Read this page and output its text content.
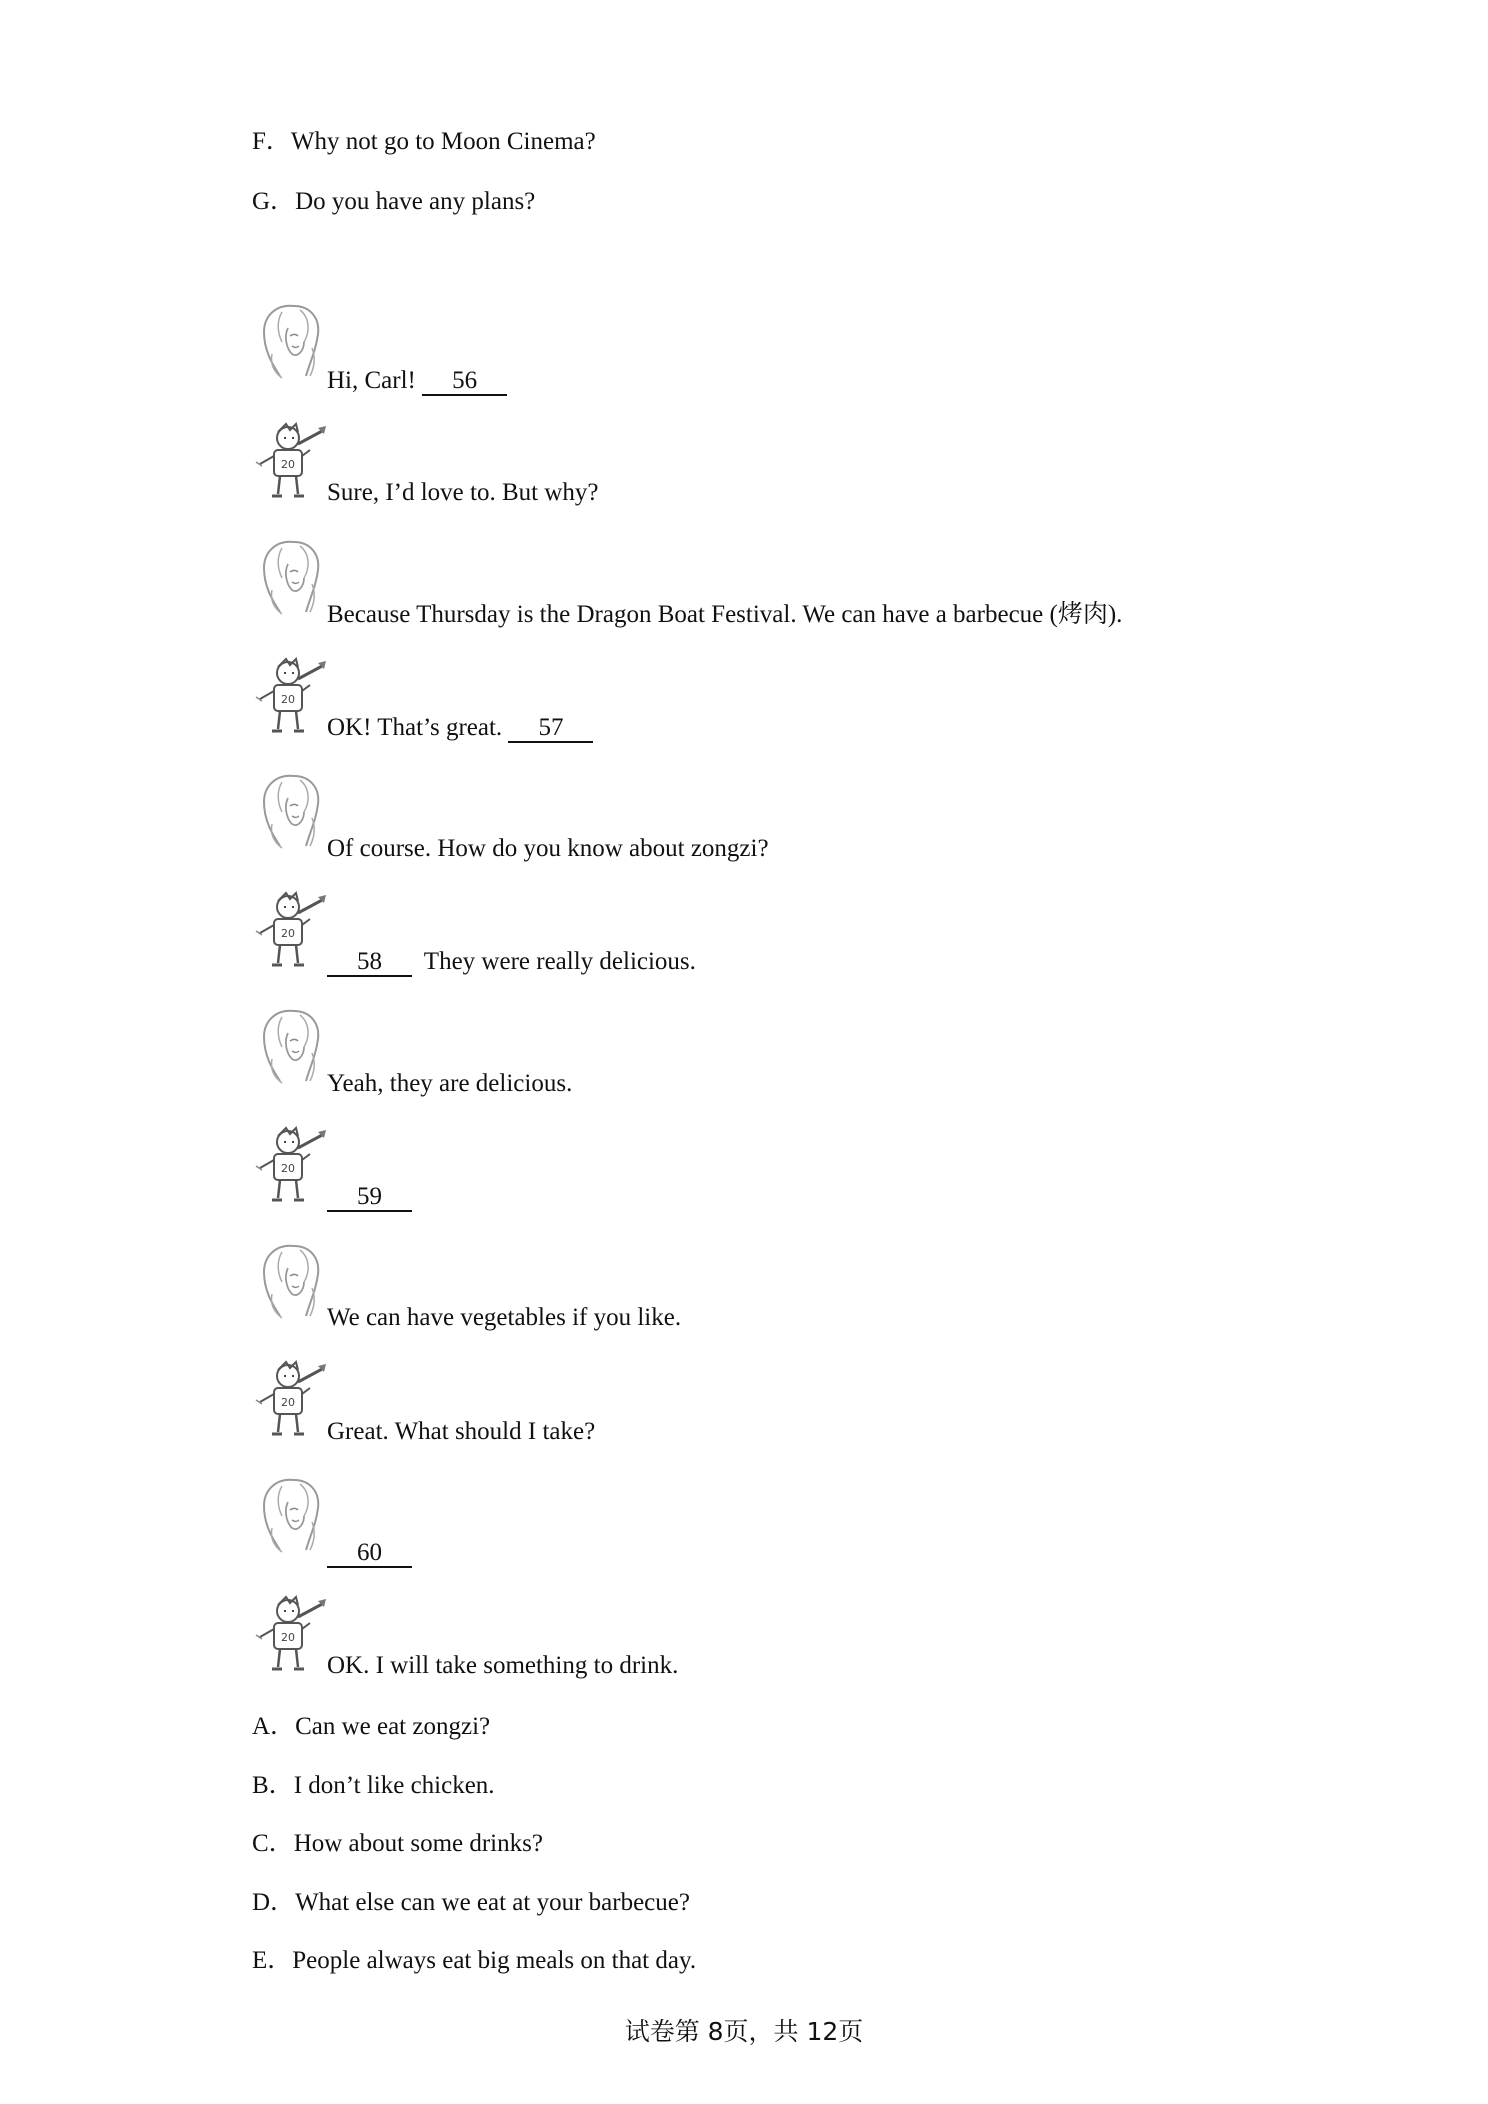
F．Why not go to Moon Cinema?
G．Do you have any plans?
Hi, Carl! 56
Sure, I’d love to. But why?
Because Thursday is the Dragon Boat Festival. We can have a barbecue (烤肉).
OK! That’s great. 57
Of course. How do you know about zongzi?
58 They were really delicious.
Yeah, they are delicious.
59
We can have vegetables if you like.
Great. What should I take?
60
OK. I will take something to drink.
A．Can we eat zongzi?
B．I don’t like chicken.
C．How about some drinks?
D．What else can we eat at your barbecue?
E．People always eat big meals on that day.
试卷第 8页，共 12页
